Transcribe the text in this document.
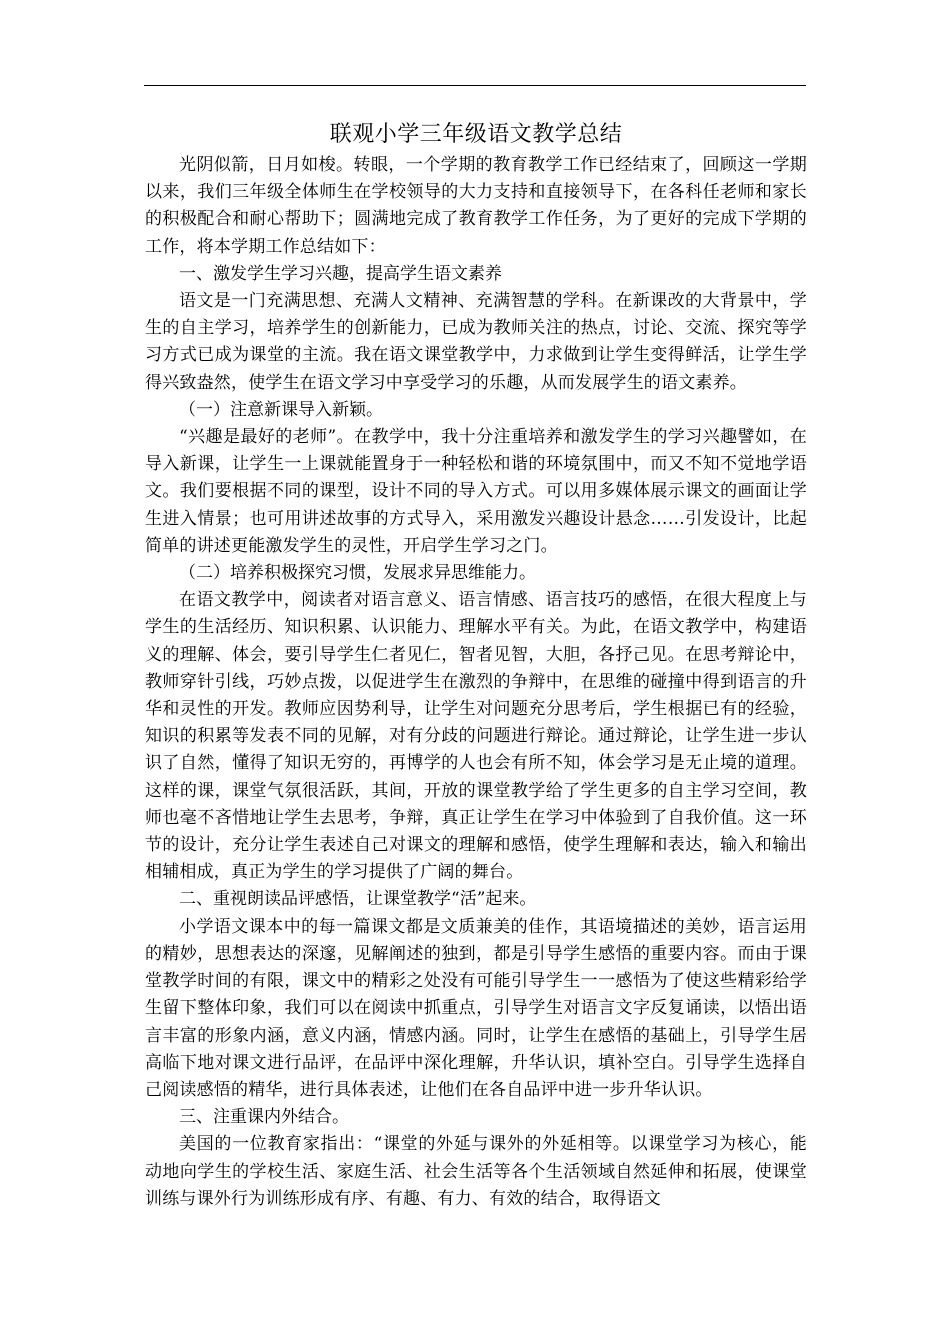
联观小学三年级语文教学总结

光阴似箭，日月如梭。转眼，一个学期的教育教学工作已经结束了，回顾这一学期以来，我们三年级全体师生在学校领导的大力支持和直接领导下，在各科任老师和家长的积极配合和耐心帮助下；圆满地完成了教育教学工作任务，为了更好的完成下学期的工作，将本学期工作总结如下：

一、激发学生学习兴趣，提高学生语文素养

语文是一门充满思想、充满人文精神、充满智慧的学科。在新课改的大背景中，学生的自主学习，培养学生的创新能力，已成为教师关注的热点，讨论、交流、探究等学习方式已成为课堂的主流。我在语文课堂教学中，力求做到让学生变得鲜活，让学生学得兴致盎然，使学生在语文学习中享受学习的乐趣，从而发展学生的语文素养。

（一）注意新课导入新颖。

“兴趣是最好的老师”。在教学中，我十分注重培养和激发学生的学习兴趣譬如，在导入新课，让学生一上课就能置身于一种轻松和谐的环境氛围中，而又不知不觉地学语文。我们要根据不同的课型，设计不同的导入方式。可以用多媒体展示课文的画面让学生进入情景；也可用讲述故事的方式导入，采用激发兴趣设计悬念……引发设计，比起简单的讲述更能激发学生的灵性，开启学生学习之门。

（二）培养积极探究习惯，发展求异思维能力。

在语文教学中，阅读者对语言意义、语言情感、语言技巧的感悟，在很大程度上与学生的生活经历、知识积累、认识能力、理解水平有关。为此，在语文教学中，构建语义的理解、体会，要引导学生仁者见仁，智者见智，大胆，各抒己见。在思考辩论中，教师穿针引线，巧妙点拨，以促进学生在激烈的争辩中，在思维的碰撞中得到语言的升华和灵性的开发。教师应因势利导，让学生对问题充分思考后，学生根据已有的经验，知识的积累等发表不同的见解，对有分歧的问题进行辩论。通过辩论，让学生进一步认识了自然，懂得了知识无穷的，再博学的人也会有所不知，体会学习是无止境的道理。这样的课，课堂气氛很活跃，其间，开放的课堂教学给了学生更多的自主学习空间，教师也毫不吝惜地让学生去思考，争辩，真正让学生在学习中体验到了自我价值。这一环节的设计，充分让学生表述自己对课文的理解和感悟，使学生理解和表达，输入和输出相辅相成，真正为学生的学习提供了广阔的舞台。

二、重视朗读品评感悟，让课堂教学“活”起来。

小学语文课本中的每一篇课文都是文质兼美的佳作，其语境描述的美妙，语言运用的精妙，思想表达的深邃，见解阐述的独到，都是引导学生感悟的重要内容。而由于课堂教学时间的有限，课文中的精彩之处没有可能引导学生一一感悟为了使这些精彩给学生留下整体印象，我们可以在阅读中抓重点，引导学生对语言文字反复诵读，以悟出语言丰富的形象内涵，意义内涵，情感内涵。同时，让学生在感悟的基础上，引导学生居高临下地对课文进行品评，在品评中深化理解，升华认识，填补空白。引导学生选择自己阅读感悟的精华，进行具体表述，让他们在各自品评中进一步升华认识。

三、注重课内外结合。

美国的一位教育家指出：“课堂的外延与课外的外延相等。以课堂学习为核心，能动地向学生的学校生活、家庭生活、社会生活等各个生活领域自然延伸和拓展，使课堂训练与课外行为训练形成有序、有趣、有力、有效的结合，取得语文
